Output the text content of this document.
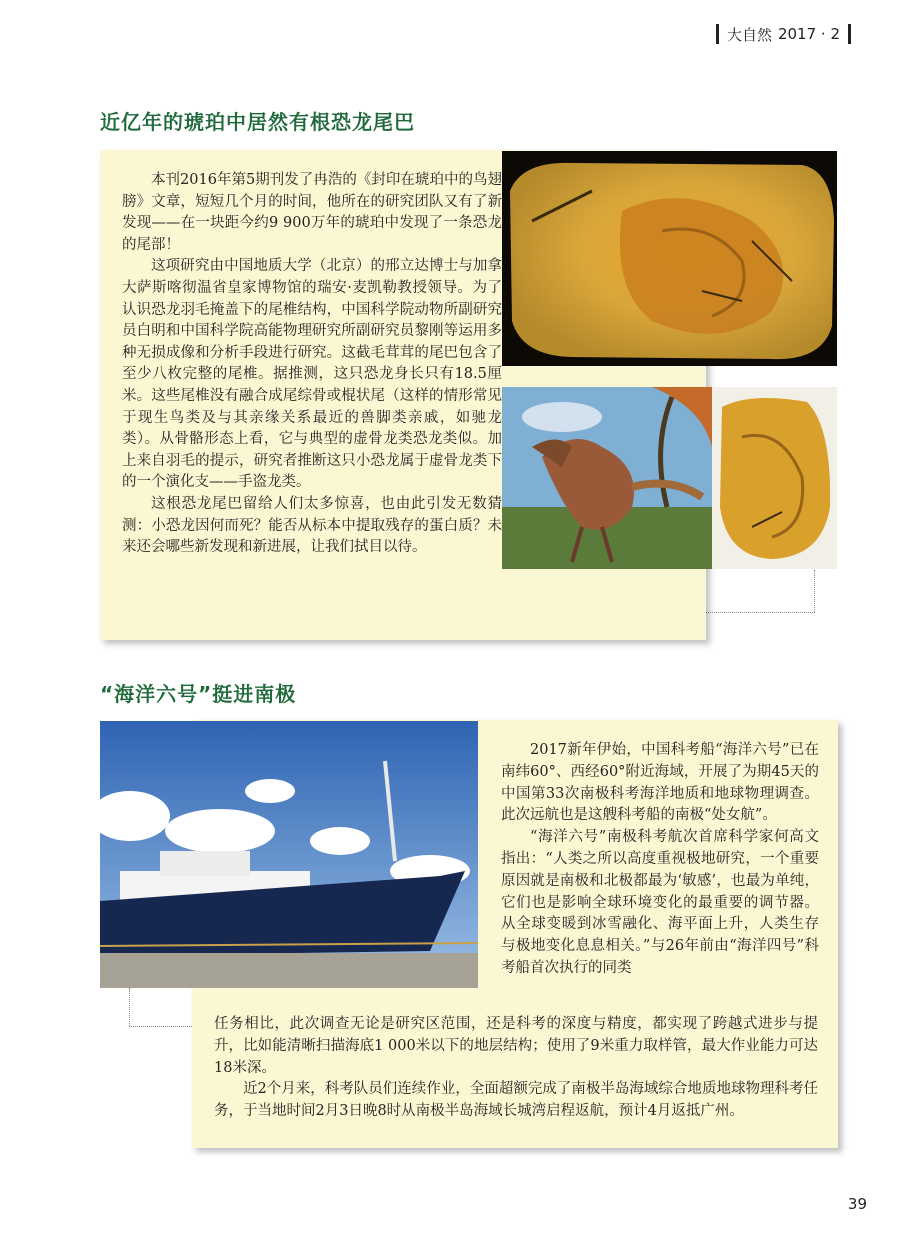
大自然 2017 · 2
近亿年的琥珀中居然有根恐龙尾巴

本刊2016年第5期刊发了冉浩的《封印在琥珀中的鸟翅膀》文章，短短几个月的时间，他所在的研究团队又有了新发现——在一块距今约9 900万年的琥珀中发现了一条恐龙的尾部！

这项研究由中国地质大学（北京）的邢立达博士与加拿大萨斯喀彻温省皇家博物馆的瑞安·麦凯勒教授领导。为了认识恐龙羽毛掩盖下的尾椎结构，中国科学院动物所副研究员白明和中国科学院高能物理研究所副研究员黎刚等运用多种无损成像和分析手段进行研究。这截毛茸茸的尾巴包含了至少八枚完整的尾椎。据推测，这只恐龙身长只有18.5厘米。这些尾椎没有融合成尾综骨或棍状尾（这样的情形常见于现生鸟类及与其亲缘关系最近的兽脚类亲戚，如驰龙类）。从骨骼形态上看，它与典型的虚骨龙类恐龙类似。加上来自羽毛的提示，研究者推断这只小恐龙属于虚骨龙类下的一个演化支——手盗龙类。

这根恐龙尾巴留给人们太多惊喜，也由此引发无数猜测：小恐龙因何而死？能否从标本中提取残存的蛋白质？未来还会哪些新发现和新进展，让我们拭目以待。

“海洋六号”挺进南极

2017新年伊始，中国科考船“海洋六号”已在南纬60°、西经60°附近海域，开展了为期45天的中国第33次南极科考海洋地质和地球物理调查。此次远航也是这艘科考船的南极“处女航”。

“海洋六号”南极科考航次首席科学家何高文指出：“人类之所以高度重视极地研究，一个重要原因就是南极和北极都最为‘敏感’，也最为单纯，它们也是影响全球环境变化的最重要的调节器。从全球变暖到冰雪融化、海平面上升，人类生存与极地变化息息相关。”与26年前由“海洋四号”科考船首次执行的同类

任务相比，此次调查无论是研究区范围，还是科考的深度与精度，都实现了跨越式进步与提升，比如能清晰扫描海底1 000米以下的地层结构；使用了9米重力取样管，最大作业能力可达18米深。

近2个月来，科考队员们连续作业，全面超额完成了南极半岛海域综合地质地球物理科考任务，于当地时间2月3日晚8时从南极半岛海域长城湾启程返航，预计4月返抵广州。

39
